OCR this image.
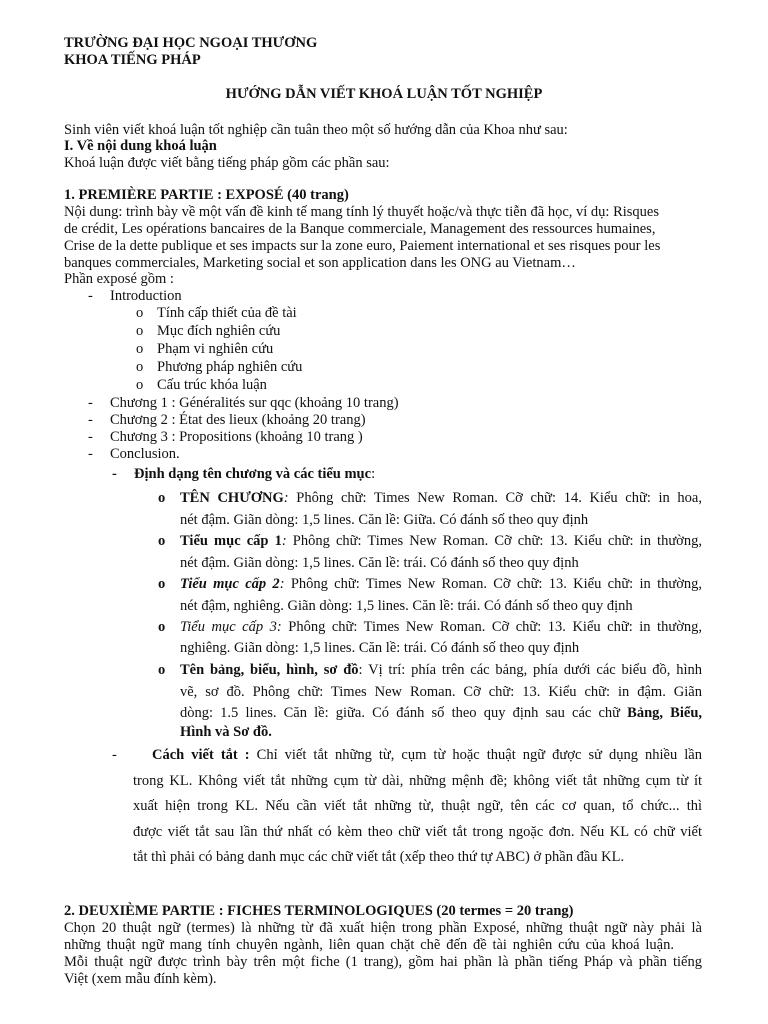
TRƯỜNG ĐẠI HỌC NGOẠI THƯƠNG
KHOA TIẾNG PHÁP
HƯỚNG DẪN VIẾT KHOÁ LUẬN TỐT NGHIỆP
Sinh viên viết khoá luận tốt nghiệp cần tuân theo một số hướng dẫn của Khoa như sau:
I. Về nội dung khoá luận
Khoá luận được viết bằng tiếng pháp gồm các phần sau:
1. PREMIÈRE PARTIE : EXPOSÉ (40 trang)
Nội dung: trình bày về một vấn đề kinh tế mang tính lý thuyết hoặc/và thực tiễn đã học, ví dụ: Risques
de crédit, Les opérations bancaires de la Banque commerciale, Management des ressources humaines,
Crise de la dette publique et ses impacts sur la zone euro, Paiement international et ses risques pour les
banques commerciales, Marketing social et son application dans les ONG au Vietnam…
Phần exposé gồm :
- Introduction
o Tính cấp thiết của đề tài
o Mục đích nghiên cứu
o Phạm vi nghiên cứu
o Phương pháp nghiên cứu
o Cấu trúc khóa luận
- Chương 1 : Généralités sur qqc (khoảng 10 trang)
- Chương 2 : État des lieux (khoảng 20 trang)
- Chương 3 : Propositions (khoảng 10 trang )
- Conclusion.
- Định dạng tên chương và các tiểu mục:
o TÊN CHƯƠNG: Phông chữ: Times New Roman. Cỡ chữ: 14. Kiểu chữ: in hoa,
nét đậm. Giãn dòng: 1,5 lines. Căn lề: Giữa. Có đánh số theo quy định
o Tiểu mục cấp 1: Phông chữ: Times New Roman. Cỡ chữ: 13. Kiểu chữ: in thường,
nét đậm. Giãn dòng: 1,5 lines. Căn lề: trái. Có đánh số theo quy định
o Tiểu mục cấp 2: Phông chữ: Times New Roman. Cỡ chữ: 13. Kiểu chữ: in thường,
nét đậm, nghiêng. Giãn dòng: 1,5 lines. Căn lề: trái. Có đánh số theo quy định
o Tiểu mục cấp 3: Phông chữ: Times New Roman. Cỡ chữ: 13. Kiểu chữ: in thường,
nghiêng. Giãn dòng: 1,5 lines. Căn lề: trái. Có đánh số theo quy định
o Tên bảng, biểu, hình, sơ đồ: Vị trí: phía trên các bảng, phía dưới các biểu đồ, hình
vẽ, sơ đồ. Phông chữ: Times New Roman. Cỡ chữ: 13. Kiểu chữ: in đậm. Giãn
dòng: 1.5 lines. Căn lề: giữa. Có đánh số theo quy định sau các chữ Bảng, Biểu,
Hình và Sơ đồ.
- Cách viết tắt : Chỉ viết tắt những từ, cụm từ hoặc thuật ngữ được sử dụng nhiều lần
trong KL. Không viết tắt những cụm từ dài, những mệnh đề; không viết tắt những cụm từ ít
xuất hiện trong KL. Nếu cần viết tắt những từ, thuật ngữ, tên các cơ quan, tổ chức... thì
được viết tắt sau lần thứ nhất có kèm theo chữ viết tắt trong ngoặc đơn. Nếu KL có chữ viết
tắt thì phải có bảng danh mục các chữ viết tắt (xếp theo thứ tự ABC) ở phần đầu KL.
2. DEUXIÈME PARTIE : FICHES TERMINOLOGIQUES (20 termes = 20 trang)
Chọn 20 thuật ngữ (termes) là những từ đã xuất hiện trong phần Exposé, những thuật ngữ này phải là
những thuật ngữ mang tính chuyên ngành, liên quan chặt chẽ đến đề tài nghiên cứu của khoá luận.
Mỗi thuật ngữ được trình bày trên một fiche (1 trang), gồm hai phần là phần tiếng Pháp và phần tiếng
Việt (xem mẫu đính kèm).
